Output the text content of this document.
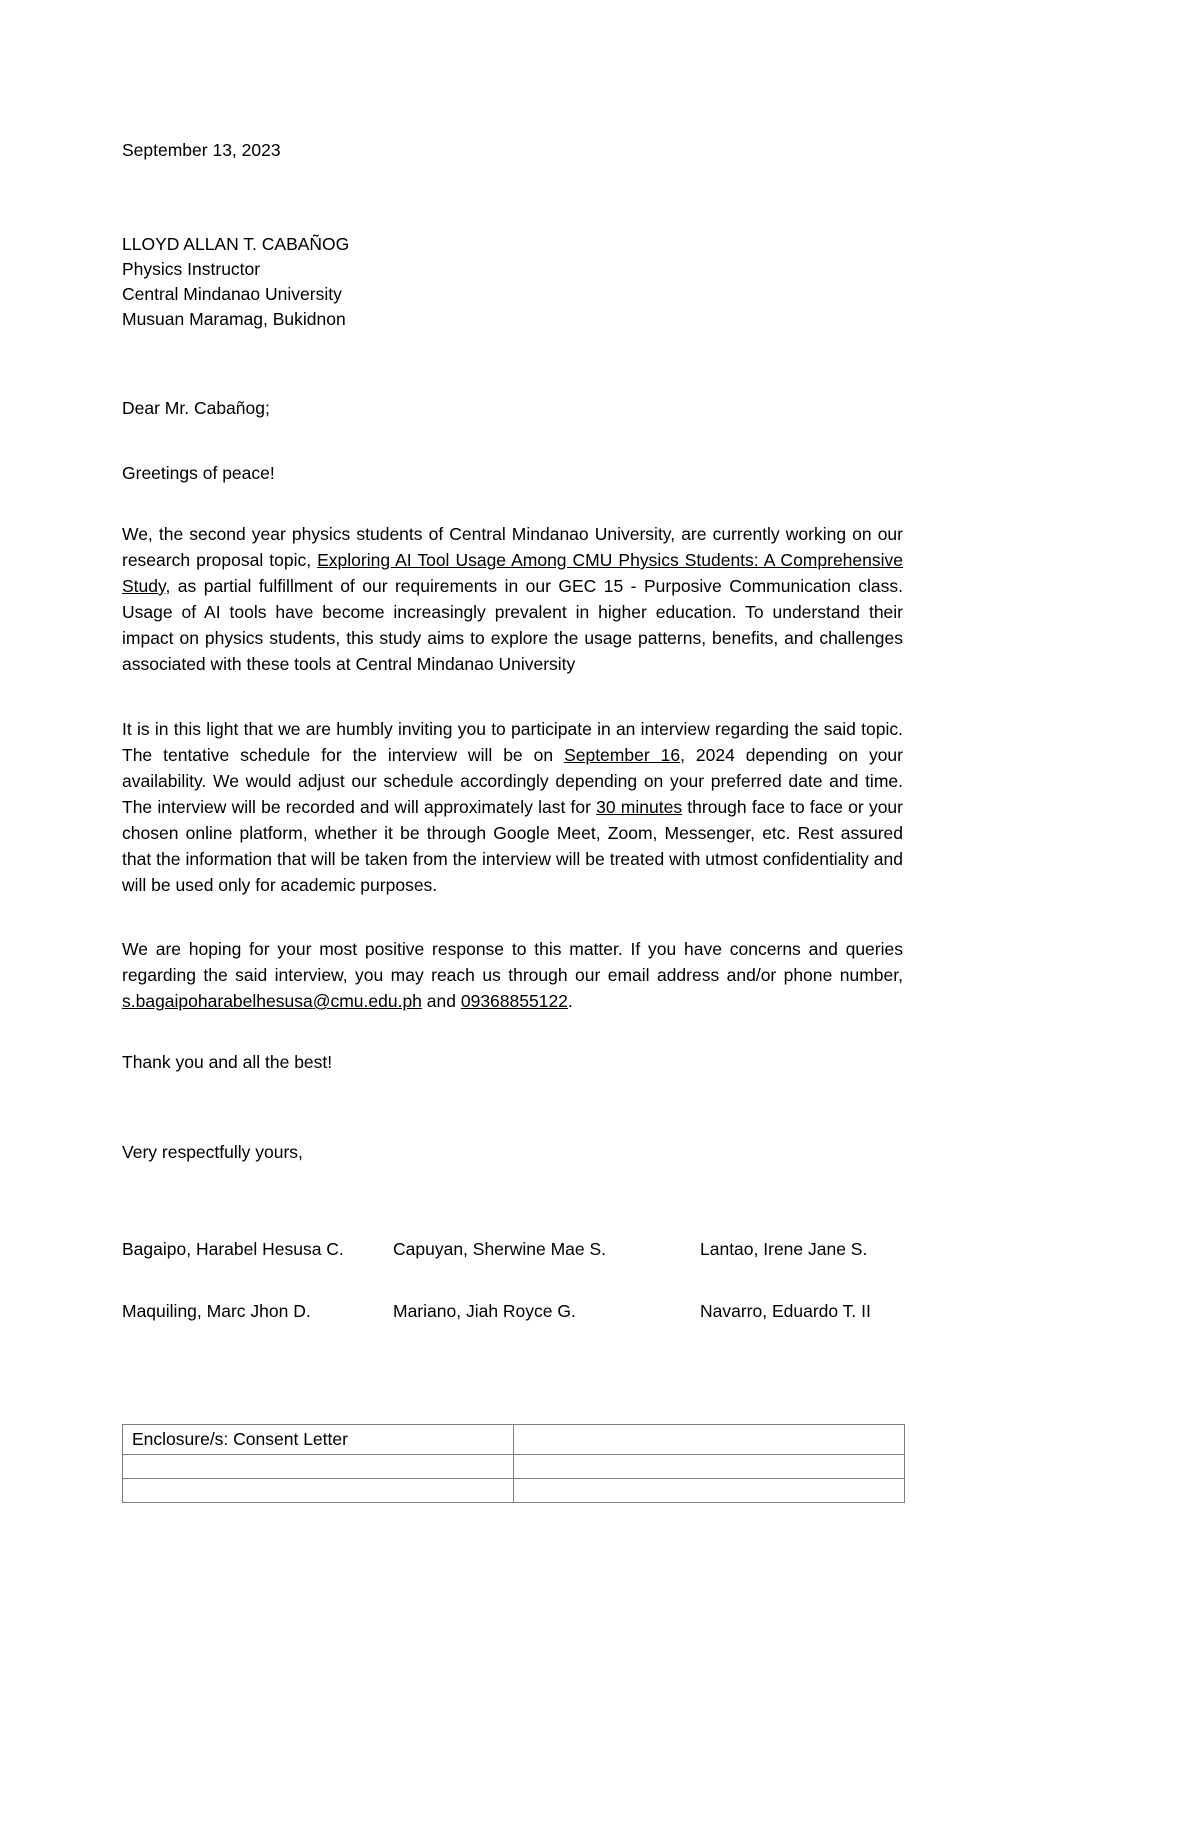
September 13, 2023
LLOYD ALLAN T. CABAÑOG
Physics Instructor
Central Mindanao University
Musuan Maramag, Bukidnon
Dear Mr. Cabañog;
Greetings of peace!

We, the second year physics students of Central Mindanao University, are currently working on our research proposal topic, Exploring AI Tool Usage Among CMU Physics Students: A Comprehensive Study, as partial fulfillment of our requirements in our GEC 15 - Purposive Communication class. Usage of AI tools have become increasingly prevalent in higher education. To understand their impact on physics students, this study aims to explore the usage patterns, benefits, and challenges associated with these tools at Central Mindanao University

It is in this light that we are humbly inviting you to participate in an interview regarding the said topic. The tentative schedule for the interview will be on September 16, 2024 depending on your availability. We would adjust our schedule accordingly depending on your preferred date and time. The interview will be recorded and will approximately last for 30 minutes through face to face or your chosen online platform, whether it be through Google Meet, Zoom, Messenger, etc. Rest assured that the information that will be taken from the interview will be treated with utmost confidentiality and will be used only for academic purposes.

We are hoping for your most positive response to this matter. If you have concerns and queries regarding the said interview, you may reach us through our email address and/or phone number, s.bagaipoharabelhesusa@cmu.edu.ph and 09368855122.

Thank you and all the best!
Very respectfully yours,
Bagaipo, Harabel Hesusa C.	Capuyan, Sherwine Mae S.	Lantao, Irene Jane S.
Maquiling, Marc Jhon D.	Mariano, Jiah Royce G.	Navarro, Eduardo T. II
Enclosure/s: Consent Letter	
